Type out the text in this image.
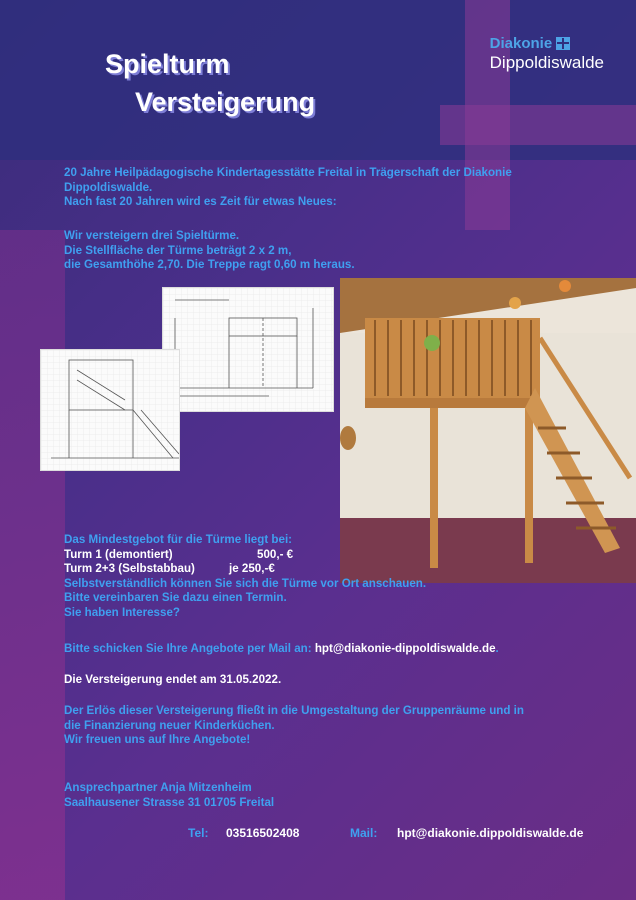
Spielturm
Versteigerung
Diakonie
Dippoldiswalde
20 Jahre Heilpädagogische Kindertagesstätte Freital in Trägerschaft der Diakonie
Dippoldiswalde.
Nach fast 20 Jahren wird es Zeit für etwas Neues:
Wir versteigern drei Spieltürme.
Die Stellfläche der Türme beträgt 2 x 2 m,
die Gesamthöhe 2,70. Die Treppe ragt 0,60 m heraus.
Das Mindestgebot für die Türme liegt bei:
Turm 1 (demontiert)	500,- €
Turm 2+3 (Selbstabbau)	je 250,-€
Selbstverständlich können Sie sich die Türme vor Ort anschauen.
Bitte vereinbaren Sie dazu einen Termin.
Sie haben Interesse?
Bitte schicken Sie Ihre Angebote per Mail an: hpt@diakonie-dippoldiswalde.de.
Die Versteigerung endet am 31.05.2022.
Der Erlös dieser Versteigerung fließt in die Umgestaltung der Gruppenräume und in
die Finanzierung neuer Kinderküchen.
Wir freuen uns auf Ihre Angebote!
Ansprechpartner Anja Mitzenheim
Saalhausener Strasse 31 01705 Freital
Tel:	03516502408	Mail:	hpt@diakonie.dippoldiswalde.de
